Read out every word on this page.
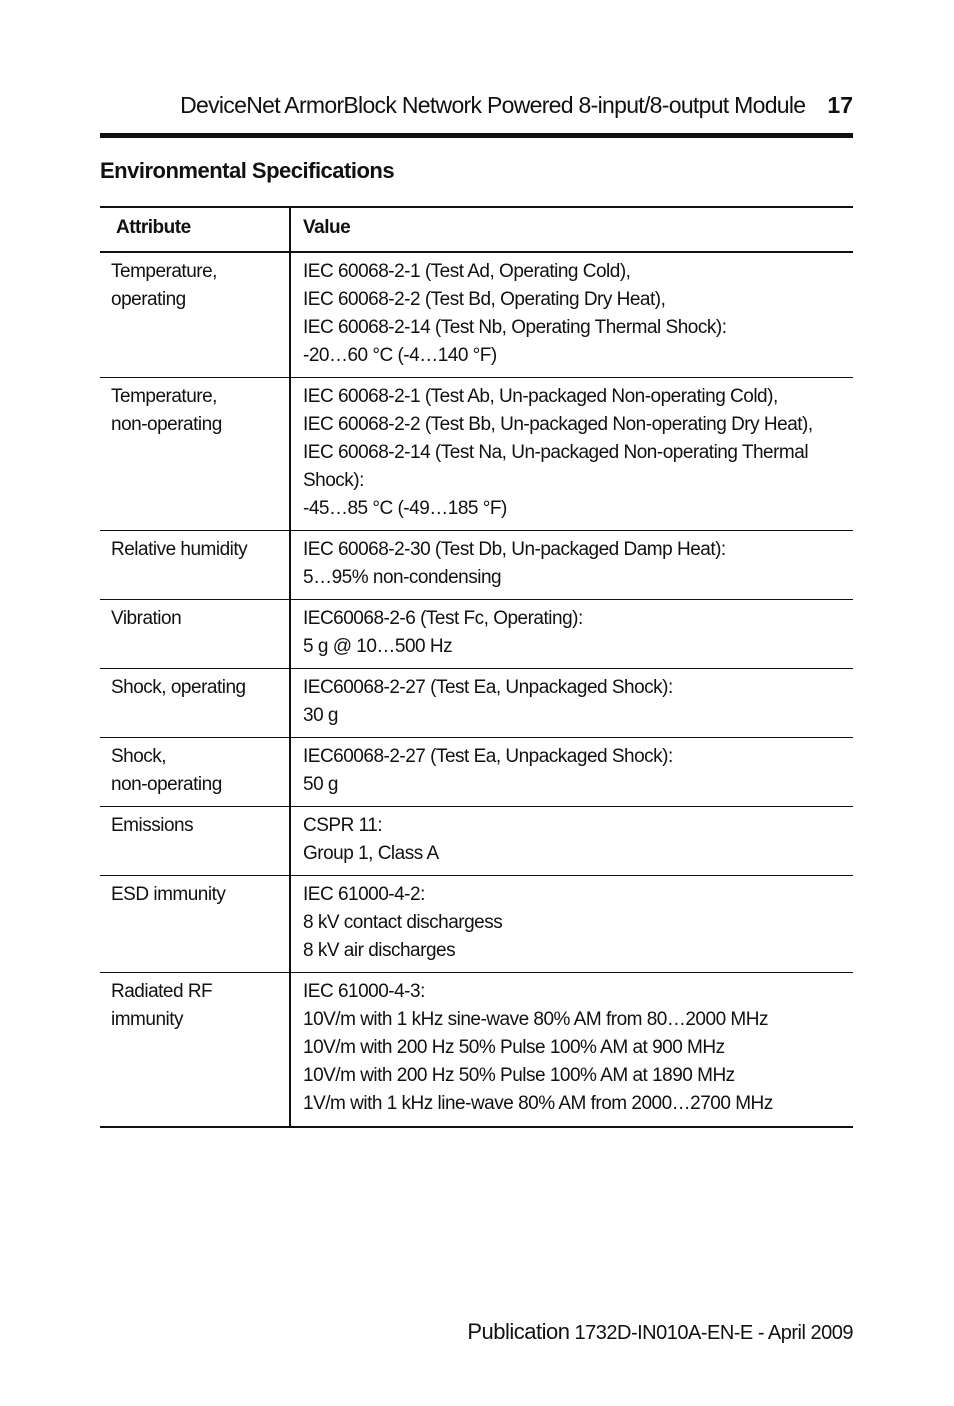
DeviceNet ArmorBlock Network Powered 8-input/8-output Module 17
Environmental Specifications
Attribute	Value

Temperature,
operating	IEC 60068-2-1 (Test Ad, Operating Cold),
IEC 60068-2-2 (Test Bd, Operating Dry Heat),
IEC 60068-2-14 (Test Nb, Operating Thermal Shock):
-20…60 °C (-4…140 °F)

Temperature,
non-operating	IEC 60068-2-1 (Test Ab, Un-packaged Non-operating Cold),
IEC 60068-2-2 (Test Bb, Un-packaged Non-operating Dry Heat),
IEC 60068-2-14 (Test Na, Un-packaged Non-operating Thermal
Shock):
-45…85 °C (-49…185 °F)

Relative humidity	IEC 60068-2-30 (Test Db, Un-packaged Damp Heat):
5…95% non-condensing

Vibration	IEC60068-2-6 (Test Fc, Operating):
5 g @ 10…500 Hz

Shock, operating	IEC60068-2-27 (Test Ea, Unpackaged Shock):
30 g

Shock,
non-operating	IEC60068-2-27 (Test Ea, Unpackaged Shock):
50 g

Emissions	CSPR 11:
Group 1, Class A

ESD immunity	IEC 61000-4-2:
8 kV contact dischargess
8 kV air discharges

Radiated RF
immunity	IEC 61000-4-3:
10V/m with 1 kHz sine-wave 80% AM from 80…2000 MHz
10V/m with 200 Hz 50% Pulse 100% AM at 900 MHz
10V/m with 200 Hz 50% Pulse 100% AM at 1890 MHz
1V/m with 1 kHz line-wave 80% AM from 2000…2700 MHz
Publication 1732D-IN010A-EN-E - April 2009
